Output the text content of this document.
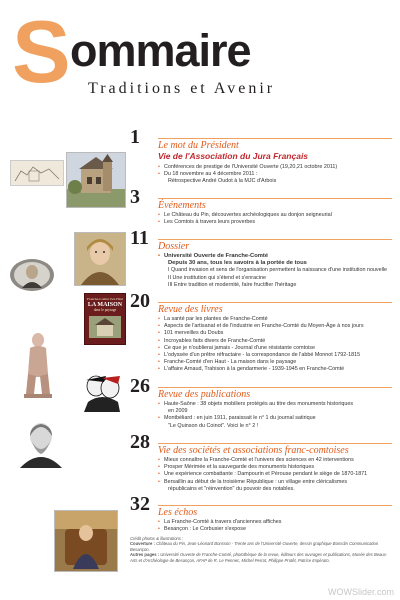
S ommaire
Traditions et Avenir
Franche-Comté d'en Haut
LA MAISON
dans le paysage
1 Le mot du Président
Vie de l'Association du Jura Français
• Conférences de prestige de l'Université Ouverte (19,20,21 octobre 2011)
• Du 18 novembre au 4 décembre 2011 :
Rétrospective André Oudot à la MJC d'Arbois
3 Événements
• Le Château du Pin, découvertes archéologiques au donjon seigneurial
• Les Comtois à travers leurs proverbes
11 Dossier
• Université Ouverte de Franche-Comté
Depuis 30 ans, tous les savoirs à la portée de tous
I Quand invasion et sens de l'organisation permettent la naissance d'une institution nouvelle
II Une institution qui s'étend et s'enracine
III Entre tradition et modernité, faire fructifier l'héritage
20 Revue des livres
• La santé par les plantes de Franche-Comté
• Aspects de l'artisanat et de l'industrie en Franche-Comté du Moyen-Âge à nos jours
• 101 merveilles du Doubs
• Incroyables faits divers de Franche-Comté
• Ce que je n'oublierai jamais - Journal d'une résistante comtoise
• L'odyssée d'un prêtre réfractaire - la correspondance de l'abbé Monnot 1792-1815
• Franche-Comté d'en Haut - La maison dans le paysage
• L'affaire Arnaud, Trahison à la gendarmerie - 1939-1945 en Franche-Comté
26 Revue des publications
• Haute-Saône : 38 objets mobiliers protégés au titre des monuments historiques
en 2009
• Montbéliard : en juin 1911, paraissait le n° 1 du journal satirique
"Le Quinson du Coinot". Voici le n° 2 !
28 Vie des sociétés et associations franc-comtoises
• Mieux connaître la Franche-Comté et l'univers des sciences en 42 interventions
• Prosper Mérimée et la sauvegarde des monuments historiques
• Une expérience combattante : Dampourin et Pérouse pendant le siège de 1870-1871
• Bersaillin au début de la troisième République : un village entre cléricalismes
républicains et "réinvention" du pouvoir des notables.
32 Les échos
• La Franche-Comté à travers d'anciennes affiches
• Besançon : Le Corbusier s'expose
Crédit photos & illustrations :
Couverture : Château du Pin, Jean-Léonard Bonsson - Trente ans de l'Université Ouverte, dessin graphique Bonsdin Communication Besançon.
Autres pages : Université Ouverte de Franche-Comté, photothèque de la revue, éditeurs des ouvrages et publications, Musée des Beaux-Arts et d'Archéologie de Besançon, AFAP de R. Le Pennec, Michel Perrot, Philippe Protêt, Patrice Impérato.
WOWSlider.com
